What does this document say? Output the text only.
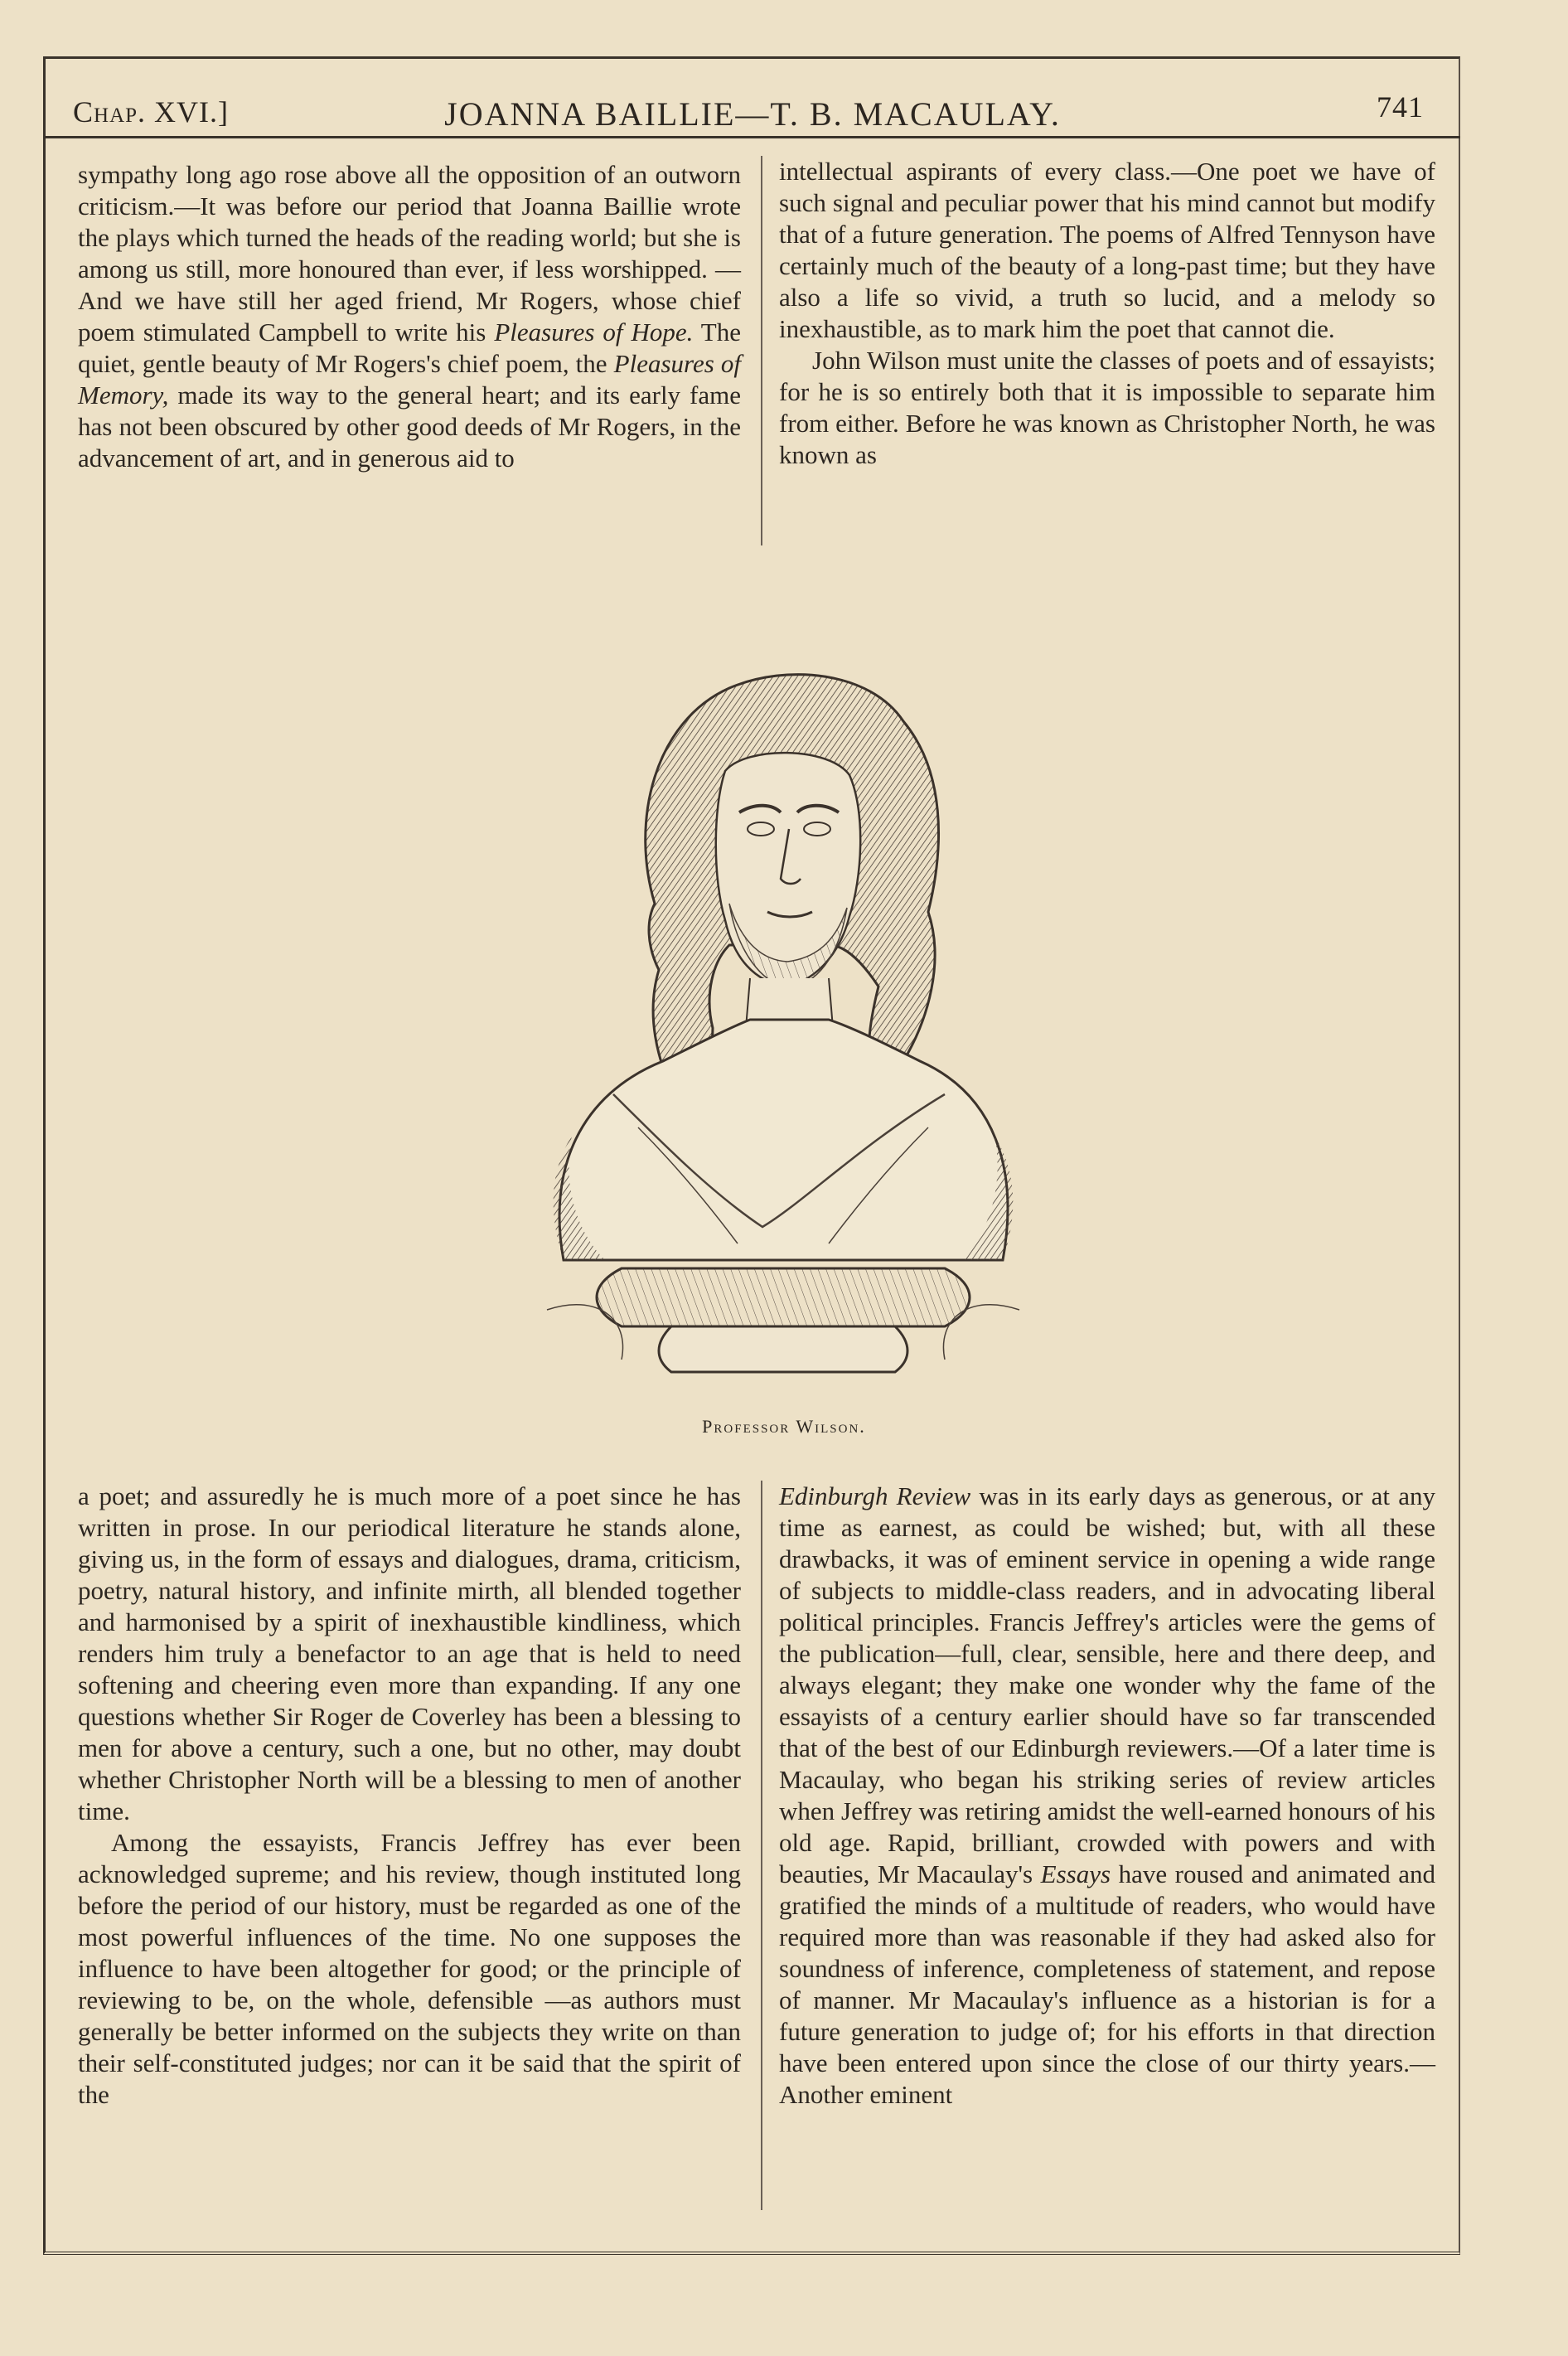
Chap. XVI.]	JOANNA BAILLIE—T. B. MACAULAY.	741

sympathy long ago rose above all the opposition of an outworn criticism.—It was before our period that Joanna Baillie wrote the plays which turned the heads of the reading world; but she is among us still, more honoured than ever, if less worshipped. —And we have still her aged friend, Mr Rogers, whose chief poem stimulated Campbell to write his Pleasures of Hope. The quiet, gentle beauty of Mr Rogers's chief poem, the Pleasures of Memory, made its way to the general heart; and its early fame has not been obscured by other good deeds of Mr Rogers, in the advancement of art, and in generous aid to

intellectual aspirants of every class.—One poet we have of such signal and peculiar power that his mind cannot but modify that of a future generation. The poems of Alfred Tennyson have certainly much of the beauty of a long-past time; but they have also a life so vivid, a truth so lucid, and a melody so inexhaustible, as to mark him the poet that cannot die.

John Wilson must unite the classes of poets and of essayists; for he is so entirely both that it is impossible to separate him from either. Before he was known as Christopher North, he was known as

Professor Wilson.

a poet; and assuredly he is much more of a poet since he has written in prose. In our periodical literature he stands alone, giving us, in the form of essays and dialogues, drama, criticism, poetry, natural history, and infinite mirth, all blended together and harmonised by a spirit of inexhaustible kindliness, which renders him truly a benefactor to an age that is held to need softening and cheering even more than expanding. If any one questions whether Sir Roger de Coverley has been a blessing to men for above a century, such a one, but no other, may doubt whether Christopher North will be a blessing to men of another time.

Among the essayists, Francis Jeffrey has ever been acknowledged supreme; and his review, though instituted long before the period of our history, must be regarded as one of the most powerful influences of the time. No one supposes the influence to have been altogether for good; or the principle of reviewing to be, on the whole, defensible —as authors must generally be better informed on the subjects they write on than their self-constituted judges; nor can it be said that the spirit of the

Edinburgh Review was in its early days as generous, or at any time as earnest, as could be wished; but, with all these drawbacks, it was of eminent service in opening a wide range of subjects to middle-class readers, and in advocating liberal political principles. Francis Jeffrey's articles were the gems of the publication—full, clear, sensible, here and there deep, and always elegant; they make one wonder why the fame of the essayists of a century earlier should have so far transcended that of the best of our Edinburgh reviewers.—Of a later time is Macaulay, who began his striking series of review articles when Jeffrey was retiring amidst the well-earned honours of his old age. Rapid, brilliant, crowded with powers and with beauties, Mr Macaulay's Essays have roused and animated and gratified the minds of a multitude of readers, who would have required more than was reasonable if they had asked also for soundness of inference, completeness of statement, and repose of manner. Mr Macaulay's influence as a historian is for a future generation to judge of; for his efforts in that direction have been entered upon since the close of our thirty years.—Another eminent
